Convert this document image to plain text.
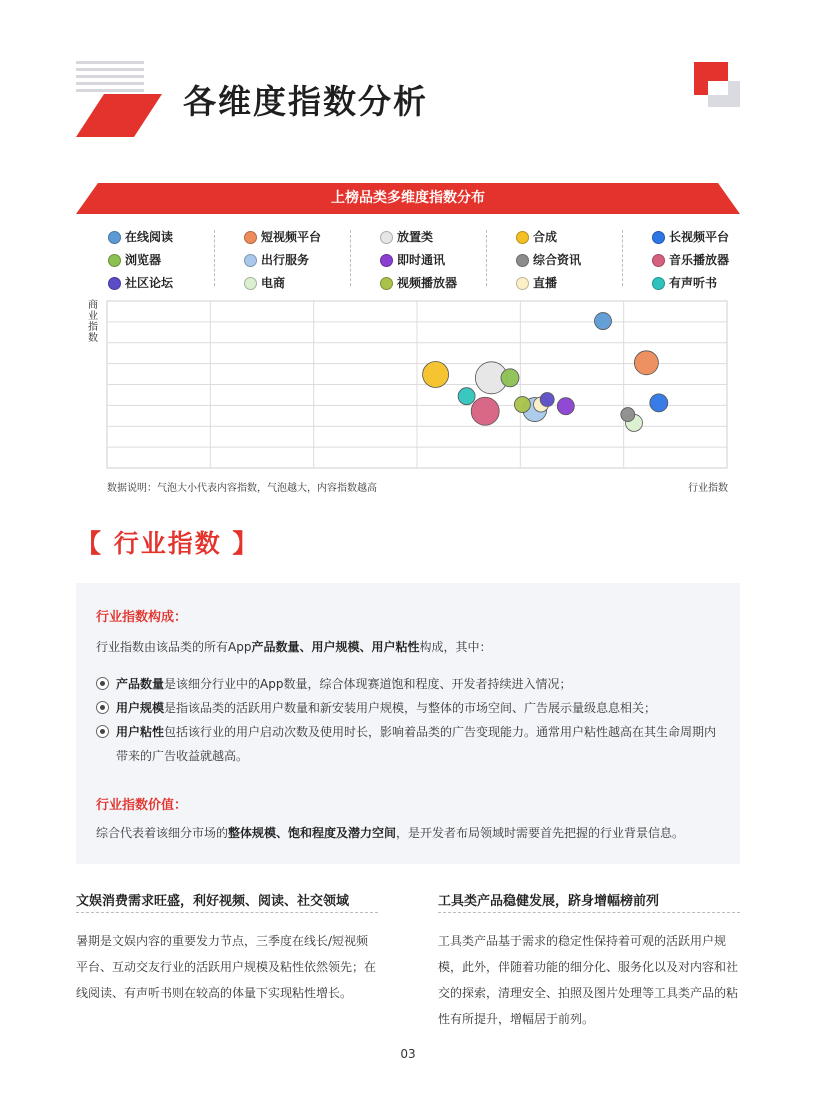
各维度指数分析
上榜品类多维度指数分布
在线阅读	短视频平台	放置类	合成	长视频平台
浏览器	出行服务	即时通讯	综合资讯	音乐播放器
社区论坛	电商	视频播放器	直播	有声听书
商业指数
数据说明：气泡大小代表内容指数，气泡越大，内容指数越高	行业指数
【 行业指数 】
行业指数构成：
行业指数由该品类的所有App产品数量、用户规模、用户粘性构成，其中：
产品数量是该细分行业中的App数量，综合体现赛道饱和程度、开发者持续进入情况；
用户规模是指该品类的活跃用户数量和新安装用户规模，与整体的市场空间、广告展示量级息息相关；
用户粘性包括该行业的用户启动次数及使用时长，影响着品类的广告变现能力。通常用户粘性越高在其生命周期内
带来的广告收益就越高。
行业指数价值：
综合代表着该细分市场的整体规模、饱和程度及潜力空间，是开发者布局领域时需要首先把握的行业背景信息。
文娱消费需求旺盛，利好视频、阅读、社交领域
暑期是文娱内容的重要发力节点，三季度在线长/短视频
平台、互动交友行业的活跃用户规模及粘性依然领先；在
线阅读、有声听书则在较高的体量下实现粘性增长。
工具类产品稳健发展，跻身增幅榜前列
工具类产品基于需求的稳定性保持着可观的活跃用户规
模，此外，伴随着功能的细分化、服务化以及对内容和社
交的探索，清理安全、拍照及图片处理等工具类产品的粘
性有所提升，增幅居于前列。
03
